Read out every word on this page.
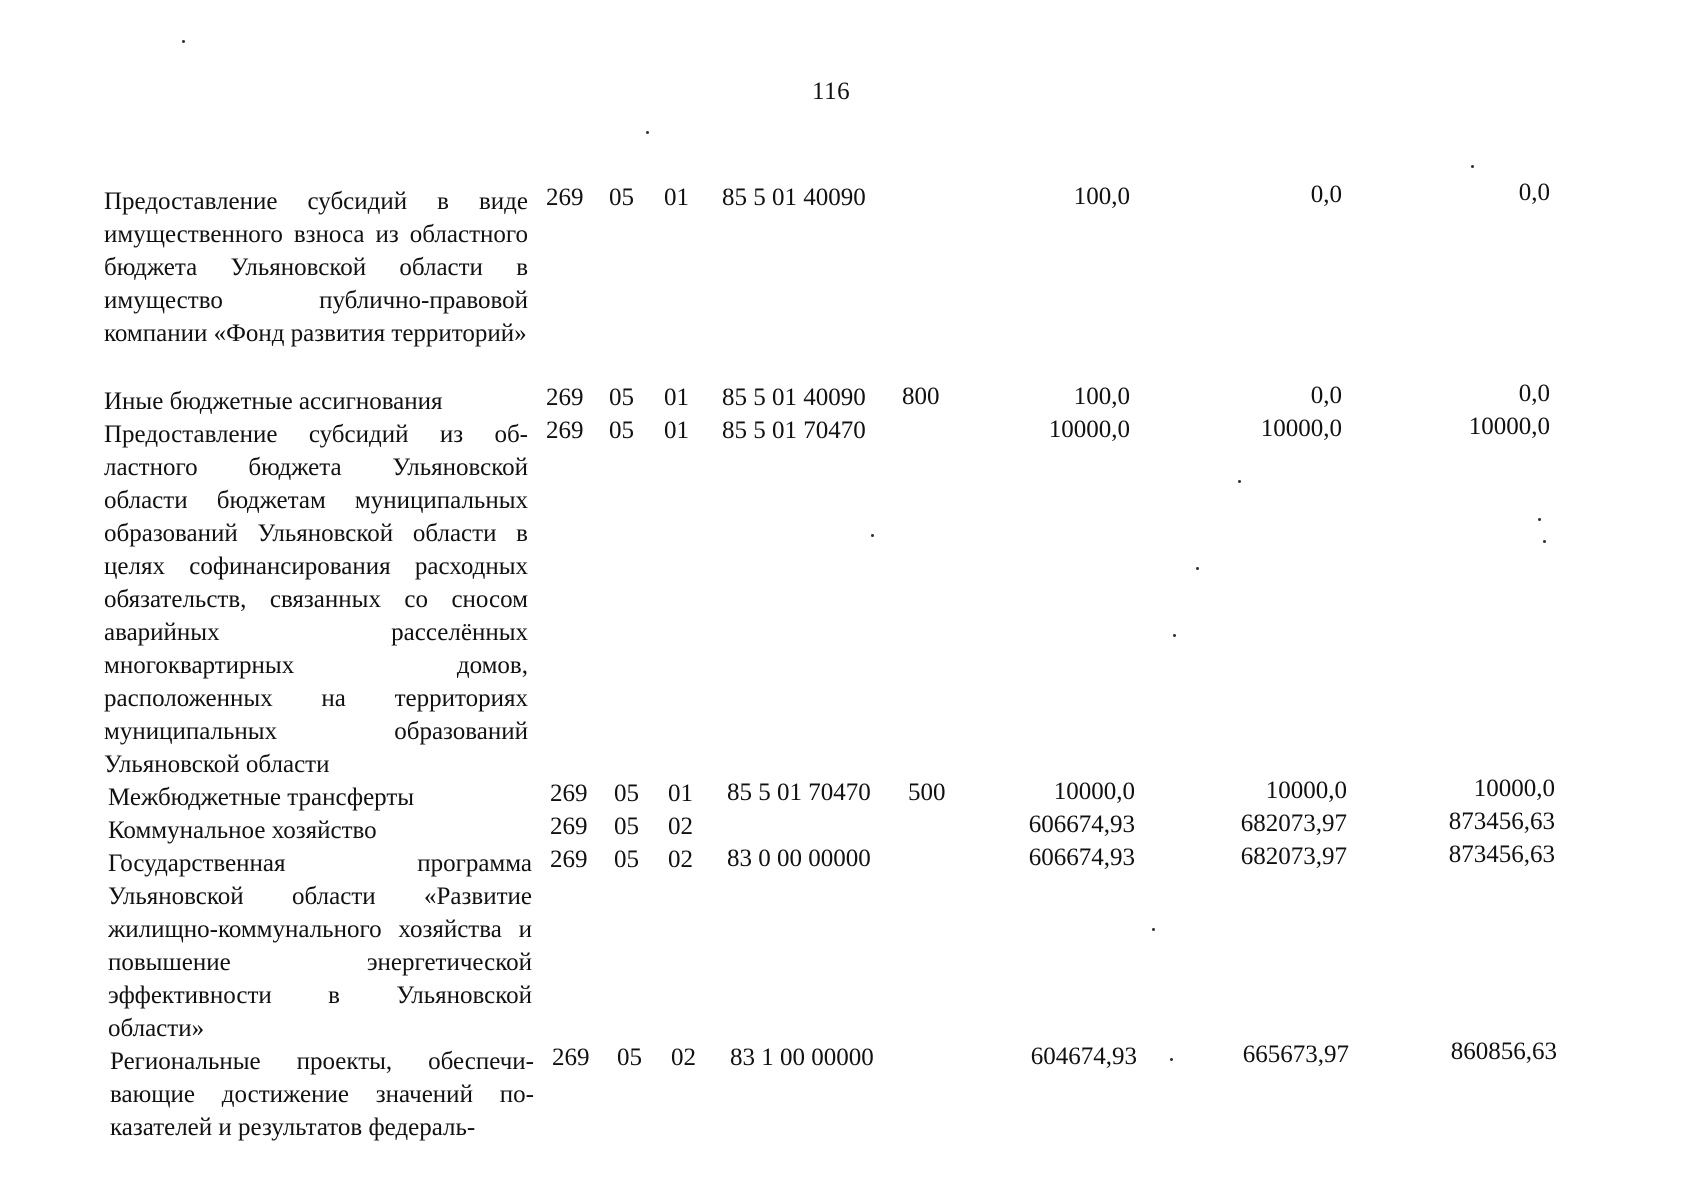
116
Предоставление субсидий в виде имущественного взноса из областного бюджета Ульяновской области в имущество публично-правовой компании «Фонд развития территорий»
269 05 01 85 5 01 40090	100,0	0,0	0,0
Иные бюджетные ассигнования	269 05 01 85 5 01 40090 800	100,0	0,0	0,0
Предоставление субсидий из областного бюджета Ульяновской области бюджетам муниципальных образований Ульяновской области в целях софинансирования расходных обязательств, связанных со сносом аварийных расселённых многоквартирных домов, расположенных на территориях муниципальных образований Ульяновской области
269 05 01 85 5 01 70470	10000,0	10000,0	10000,0
Межбюджетные трансферты	269 05 01 85 5 01 70470 500	10000,0	10000,0	10000,0
Коммунальное хозяйство	269 05 02	606674,93	682073,97	873456,63
Государственная программа Ульяновской области «Развитие жилищно-коммунального хозяйства и повышение энергетической эффективности в Ульяновской области»
269 05 02 83 0 00 00000	606674,93	682073,97	873456,63
Региональные проекты, обеспечивающие достижение значений показателей и результатов федераль-
269 05 02 83 1 00 00000	604674,93	665673,97	860856,63
